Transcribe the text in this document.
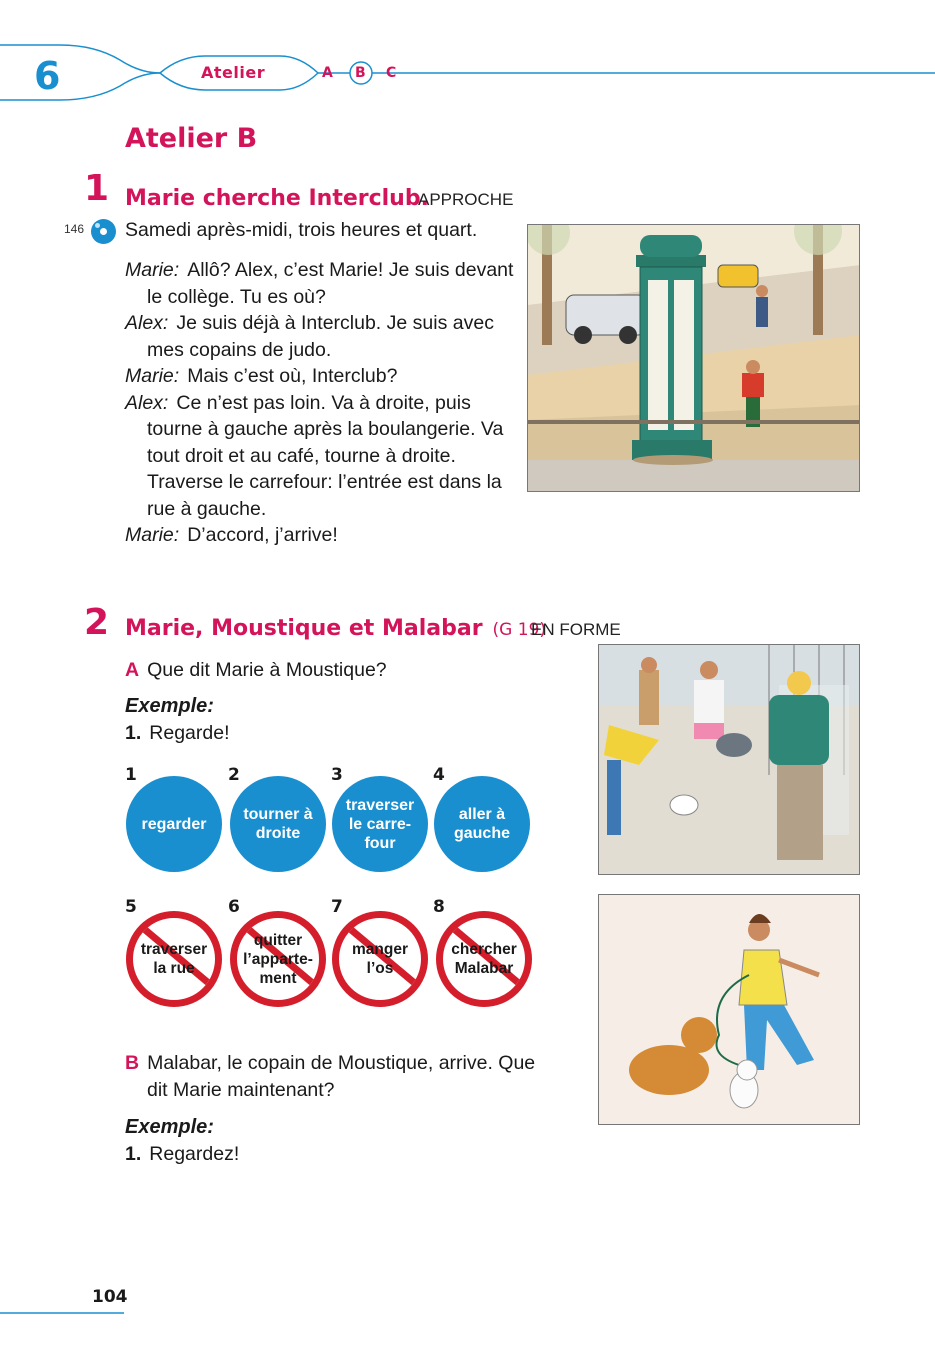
6	Atelier	A B C
Atelier B
1 Marie cherche Interclub.
APPROCHE
146 Samedi après-midi, trois heures et quart.
Marie: Allô? Alex, c’est Marie! Je suis devant le collège. Tu es où?
Alex: Je suis déjà à Interclub. Je suis avec mes copains de judo.
Marie: Mais c’est où, Interclub?
Alex: Ce n’est pas loin. Va à droite, puis tourne à gauche après la boulangerie. Va tout droit et au café, tourne à droite. Traverse le carrefour: l’entrée est dans la rue à gauche.
Marie: D’accord, j’arrive!
2 Marie, Moustique et Malabar (G 19)
EN FORME
A Que dit Marie à Moustique?
Exemple:
1. Regarde!
1	2	3	4
regarder
tourner à droite
traverser le carre- four
aller à gauche
5	6	7	8
traverser la rue
quitter l’apparte- ment
manger l’os
chercher Malabar
B Malabar, le copain de Moustique, arrive. Que dit Marie maintenant?
Exemple:
1. Regardez!
104
